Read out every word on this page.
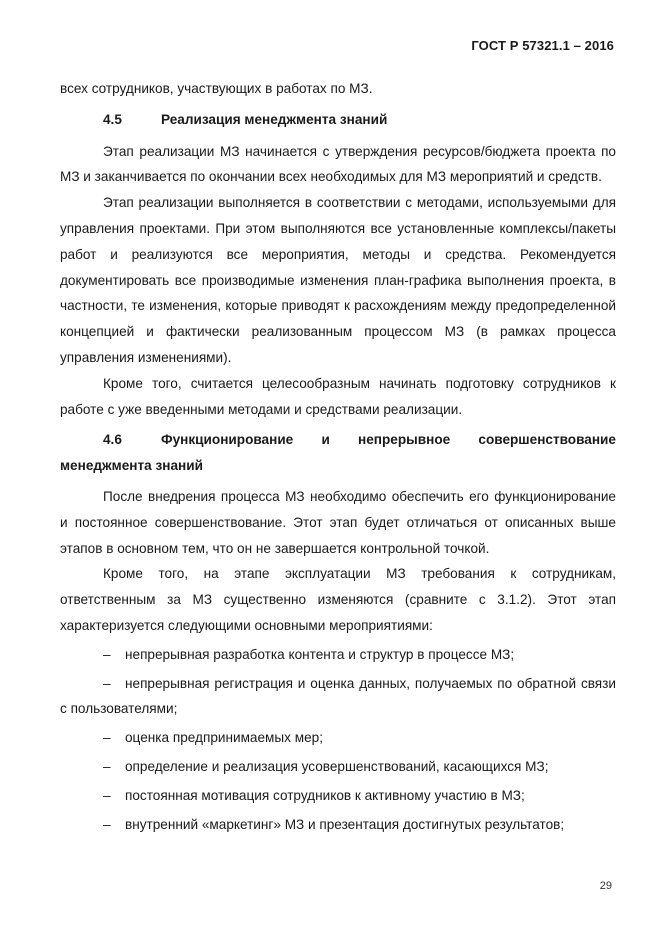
ГОСТ Р 57321.1 – 2016

всех сотрудников, участвующих в работах по МЗ.

4.5	Реализация менеджмента знаний

Этап реализации МЗ начинается с утверждения ресурсов/бюджета проекта по МЗ и заканчивается по окончании всех необходимых для МЗ мероприятий и средств.

Этап реализации выполняется в соответствии с методами, используемыми для управления проектами. При этом выполняются все установленные комплексы/пакеты работ и реализуются все мероприятия, методы и средства. Рекомендуется документировать все производимые изменения план-графика выполнения проекта, в частности, те изменения, которые приводят к расхождениям между предопределенной концепцией и фактически реализованным процессом МЗ (в рамках процесса управления изменениями).

Кроме того, считается целесообразным начинать подготовку сотрудников к работе с уже введенными методами и средствами реализации.

4.6	Функционирование и непрерывное совершенствование
менеджмента знаний

После внедрения процесса МЗ необходимо обеспечить его функционирование и постоянное совершенствование. Этот этап будет отличаться от описанных выше этапов в основном тем, что он не завершается контрольной точкой.

Кроме того, на этапе эксплуатации МЗ требования к сотрудникам, ответственным за МЗ существенно изменяются (сравните с 3.1.2). Этот этап характеризуется следующими основными мероприятиями:

–	непрерывная разработка контента и структур в процессе МЗ;
– непрерывная регистрация и оценка данных, получаемых по обратной связи с пользователями;
–	оценка предпринимаемых мер;
–	определение и реализация усовершенствований, касающихся МЗ;
–	постоянная мотивация сотрудников к активному участию в МЗ;
–	внутренний «маркетинг» МЗ и презентация достигнутых результатов;
29
